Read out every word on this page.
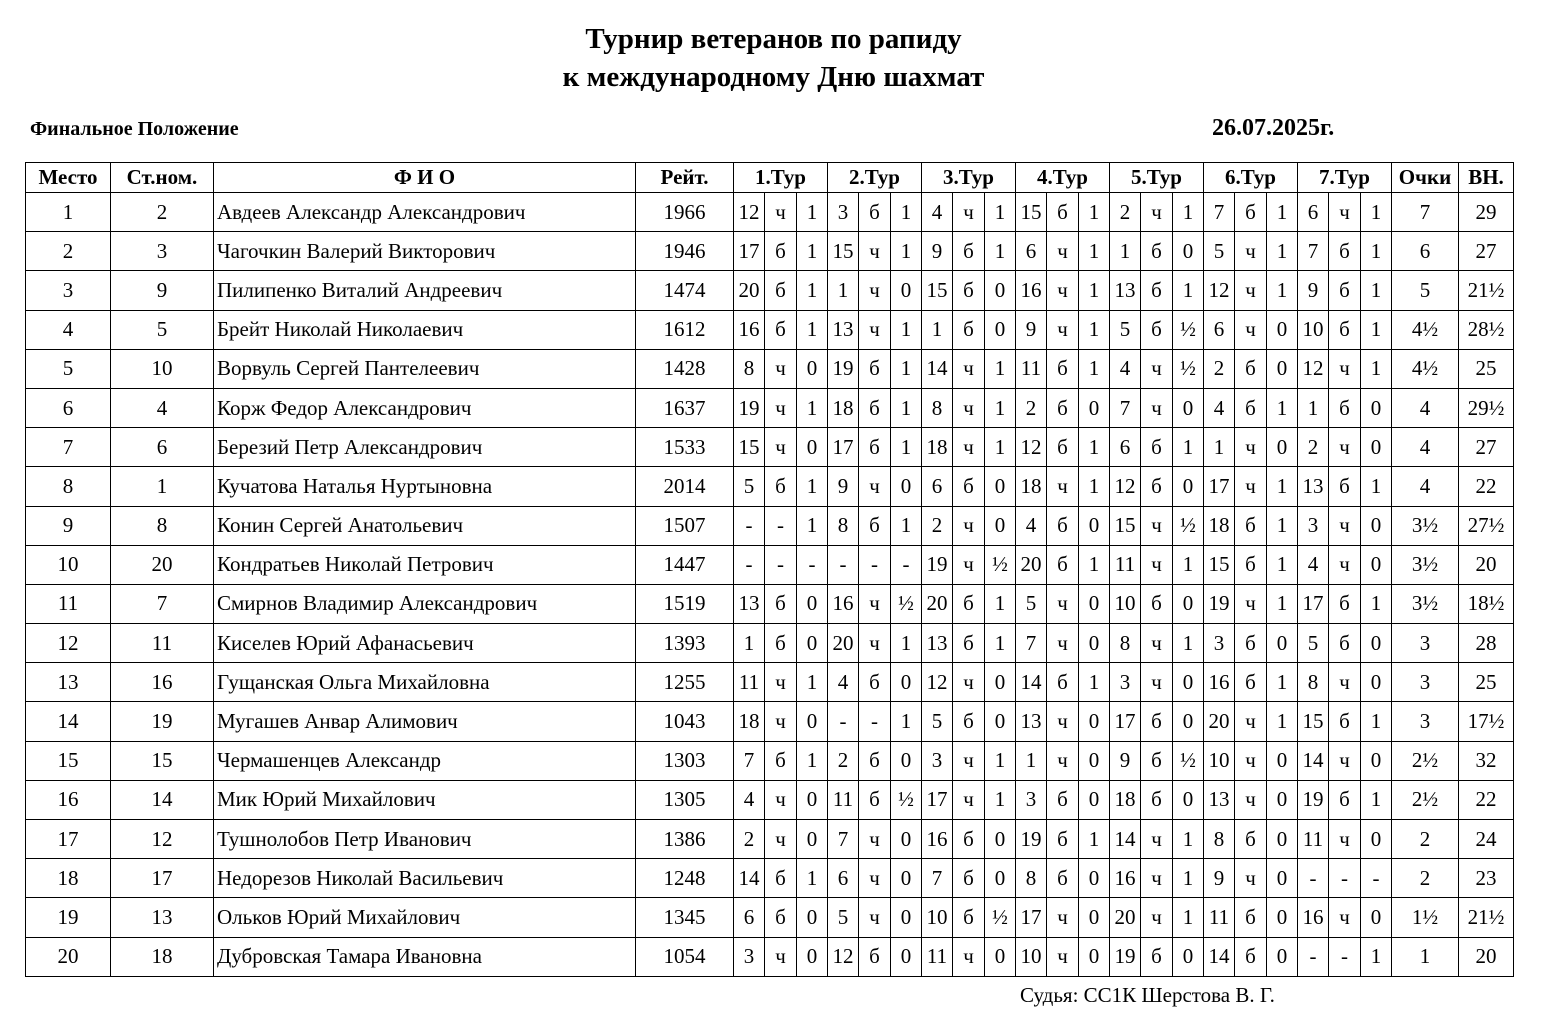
Турнир ветеранов по рапиду
к международному Дню шахмат
Финальное Положение	26.07.2025г.
Место	Ст.ном.	Ф И О	Рейт.	1.Тур			2.Тур			3.Тур			4.Тур			5.Тур			6.Тур			7.Тур			Очки	ВН.
1	2	Авдеев Александр Александрович	1966	12	ч	1	3	б	1	4	ч	1	15	б	1	2	ч	1	7	б	1	6	ч	1	7	29
2	3	Чагочкин Валерий Викторович	1946	17	б	1	15	ч	1	9	б	1	6	ч	1	1	б	0	5	ч	1	7	б	1	6	27
3	9	Пилипенко Виталий Андреевич	1474	20	б	1	1	ч	0	15	б	0	16	ч	1	13	б	1	12	ч	1	9	б	1	5	21½
4	5	Брейт Николай Николаевич	1612	16	б	1	13	ч	1	1	б	0	9	ч	1	5	б	½	6	ч	0	10	б	1	4½	28½
5	10	Ворвуль Сергей Пантелеевич	1428	8	ч	0	19	б	1	14	ч	1	11	б	1	4	ч	½	2	б	0	12	ч	1	4½	25
6	4	Корж Федор Александрович	1637	19	ч	1	18	б	1	8	ч	1	2	б	0	7	ч	0	4	б	1	1	б	0	4	29½
7	6	Березий Петр Александрович	1533	15	ч	0	17	б	1	18	ч	1	12	б	1	6	б	1	1	ч	0	2	ч	0	4	27
8	1	Кучатова Наталья Нуртыновна	2014	5	б	1	9	ч	0	6	б	0	18	ч	1	12	б	0	17	ч	1	13	б	1	4	22
9	8	Конин Сергей Анатольевич	1507	-	-	1	8	б	1	2	ч	0	4	б	0	15	ч	½	18	б	1	3	ч	0	3½	27½
10	20	Кондратьев Николай Петрович	1447	-	-	-	-	-	-	19	ч	½	20	б	1	11	ч	1	15	б	1	4	ч	0	3½	20
11	7	Смирнов Владимир Александрович	1519	13	б	0	16	ч	½	20	б	1	5	ч	0	10	б	0	19	ч	1	17	б	1	3½	18½
12	11	Киселев Юрий Афанасьевич	1393	1	б	0	20	ч	1	13	б	1	7	ч	0	8	ч	1	3	б	0	5	б	0	3	28
13	16	Гущанская Ольга Михайловна	1255	11	ч	1	4	б	0	12	ч	0	14	б	1	3	ч	0	16	б	1	8	ч	0	3	25
14	19	Мугашев Анвар Алимович	1043	18	ч	0	-	-	1	5	б	0	13	ч	0	17	б	0	20	ч	1	15	б	1	3	17½
15	15	Чермашенцев Александр	1303	7	б	1	2	б	0	3	ч	1	1	ч	0	9	б	½	10	ч	0	14	ч	0	2½	32
16	14	Мик Юрий Михайлович	1305	4	ч	0	11	б	½	17	ч	1	3	б	0	18	б	0	13	ч	0	19	б	1	2½	22
17	12	Тушнолобов Петр Иванович	1386	2	ч	0	7	ч	0	16	б	0	19	б	1	14	ч	1	8	б	0	11	ч	0	2	24
18	17	Недорезов Николай Васильевич	1248	14	б	1	6	ч	0	7	б	0	8	б	0	16	ч	1	9	ч	0	-	-	-	2	23
19	13	Ольков Юрий Михайлович	1345	6	б	0	5	ч	0	10	б	½	17	ч	0	20	ч	1	11	б	0	16	ч	0	1½	21½
20	18	Дубровская Тамара Ивановна	1054	3	ч	0	12	б	0	11	ч	0	10	ч	0	19	б	0	14	б	0	-	-	1	1	20
Судья: СС1К Шерстова В. Г.
